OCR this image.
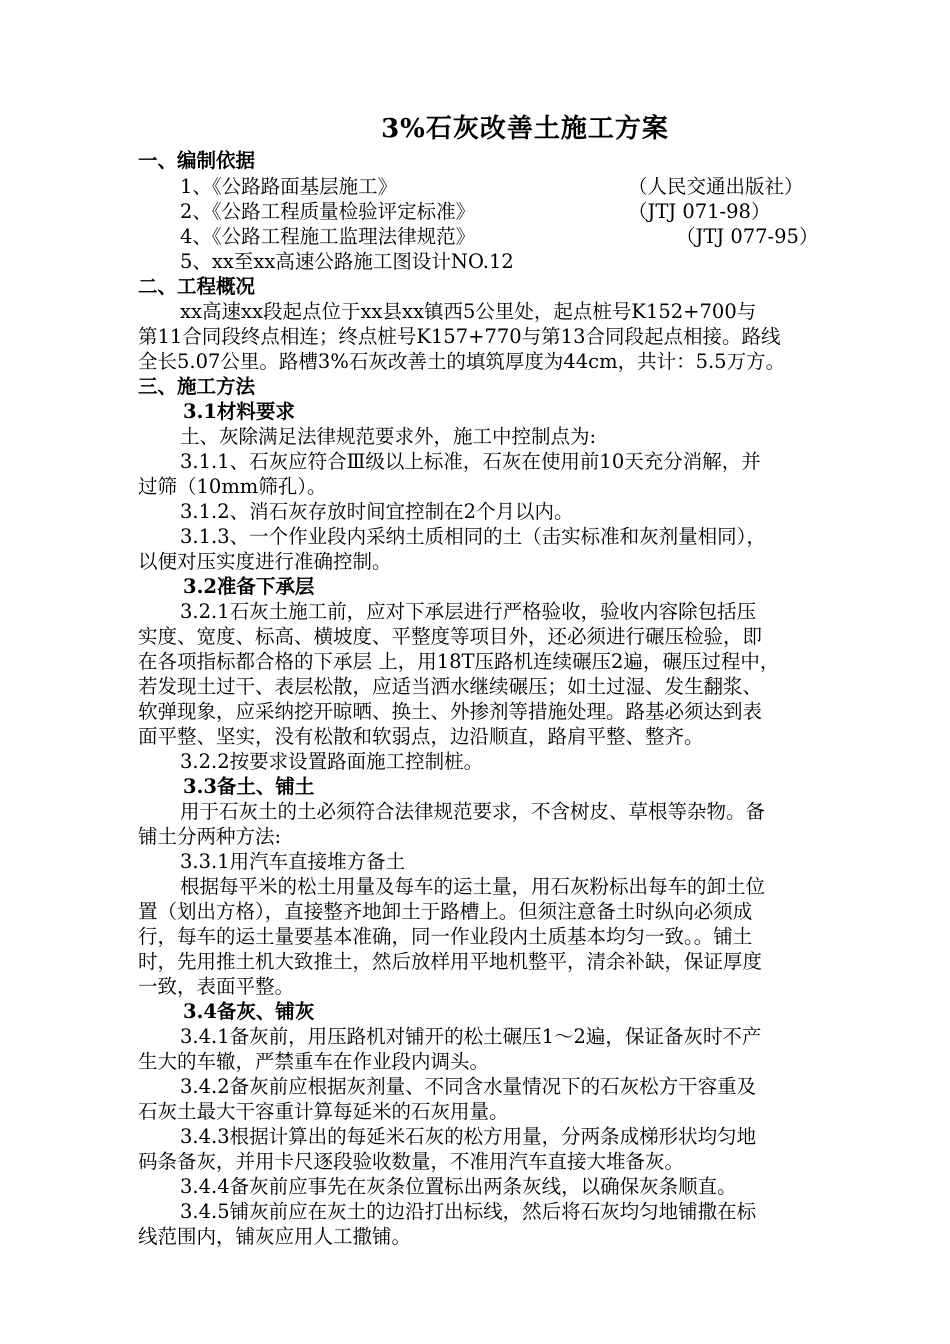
3%石灰改善土施工方案
一、编制依据
1、《公路路面基层施工》	（人民交通出版社）
2、《公路工程质量检验评定标准》	（JTJ 071-98）
4、《公路工程施工监理法律规范》	（JTJ 077-95）
5、xx至xx高速公路施工图设计NO.12
二、工程概况
xx高速xx段起点位于xx县xx镇西5公里处，起点桩号K152+700与
第11合同段终点相连；终点桩号K157+770与第13合同段起点相接。路线
全长5.07公里。路槽3%石灰改善土的填筑厚度为44cm，共计：5.5万方。
三、施工方法
3.1材料要求
土、灰除满足法律规范要求外，施工中控制点为:
3.1.1、石灰应符合Ⅲ级以上标准，石灰在使用前10天充分消解，并
过筛（10mm筛孔）。
3.1.2、消石灰存放时间宜控制在2个月以内。
3.1.3、一个作业段内采纳土质相同的土（击实标准和灰剂量相同），
以便对压实度进行准确控制。
3.2准备下承层
3.2.1石灰土施工前，应对下承层进行严格验收，验收内容除包括压
实度、宽度、标高、横坡度、平整度等项目外，还必须进行碾压检验，即
在各项指标都合格的下承层 上，用18T压路机连续碾压2遍，碾压过程中，
若发现土过干、表层松散，应适当洒水继续碾压；如土过湿、发生翻浆、
软弹现象，应采纳挖开晾晒、换土、外掺剂等措施处理。路基必须达到表
面平整、坚实，没有松散和软弱点，边沿顺直，路肩平整、整齐。
3.2.2按要求设置路面施工控制桩。
3.3备土、铺土
用于石灰土的土必须符合法律规范要求，不含树皮、草根等杂物。备
铺土分两种方法:
3.3.1用汽车直接堆方备土
根据每平米的松土用量及每车的运土量，用石灰粉标出每车的卸土位
置（划出方格），直接整齐地卸土于路槽上。但须注意备土时纵向必须成
行，每车的运土量要基本准确，同一作业段内土质基本均匀一致。。铺土
时，先用推土机大致推土，然后放样用平地机整平，清余补缺，保证厚度
一致，表面平整。
3.4备灰、铺灰
3.4.1备灰前，用压路机对铺开的松土碾压1～2遍，保证备灰时不产
生大的车辙，严禁重车在作业段内调头。
3.4.2备灰前应根据灰剂量、不同含水量情况下的石灰松方干容重及
石灰土最大干容重计算每延米的石灰用量。
3.4.3根据计算出的每延米石灰的松方用量，分两条成梯形状均匀地
码条备灰，并用卡尺逐段验收数量，不准用汽车直接大堆备灰。
3.4.4备灰前应事先在灰条位置标出两条灰线，以确保灰条顺直。
3.4.5铺灰前应在灰土的边沿打出标线，然后将石灰均匀地铺撒在标
线范围内，铺灰应用人工撒铺。
